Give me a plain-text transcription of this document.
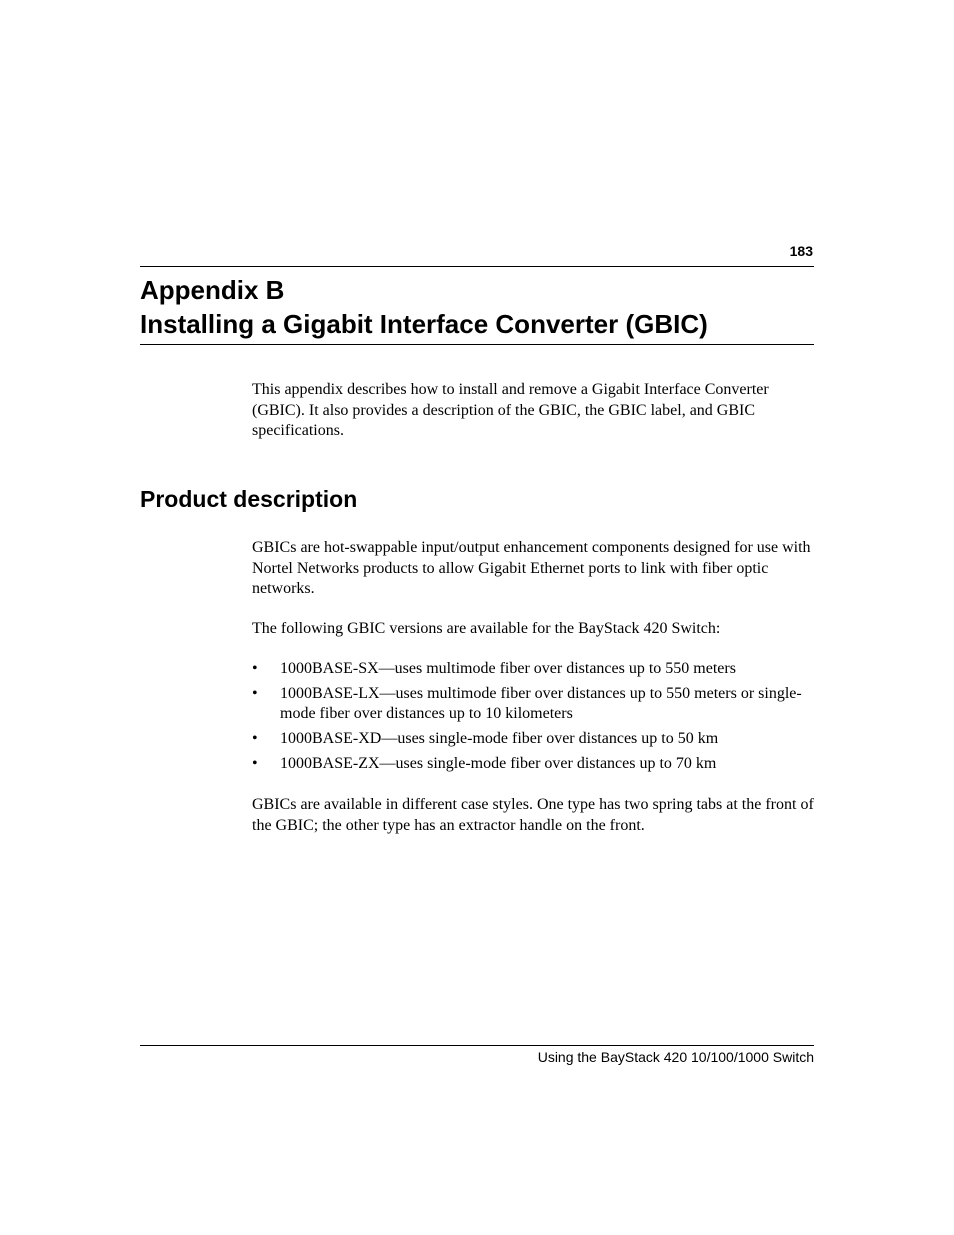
183
Appendix B
Installing a Gigabit Interface Converter (GBIC)

This appendix describes how to install and remove a Gigabit Interface Converter (GBIC). It also provides a description of the GBIC, the GBIC label, and GBIC specifications.

Product description

GBICs are hot-swappable input/output enhancement components designed for use with Nortel Networks products to allow Gigabit Ethernet ports to link with fiber optic networks.

The following GBIC versions are available for the BayStack 420 Switch:

• 1000BASE-SX—uses multimode fiber over distances up to 550 meters
• 1000BASE-LX—uses multimode fiber over distances up to 550 meters or single-mode fiber over distances up to 10 kilometers
• 1000BASE-XD—uses single-mode fiber over distances up to 50 km
• 1000BASE-ZX—uses single-mode fiber over distances up to 70 km

GBICs are available in different case styles. One type has two spring tabs at the front of the GBIC; the other type has an extractor handle on the front.

Using the BayStack 420 10/100/1000 Switch
